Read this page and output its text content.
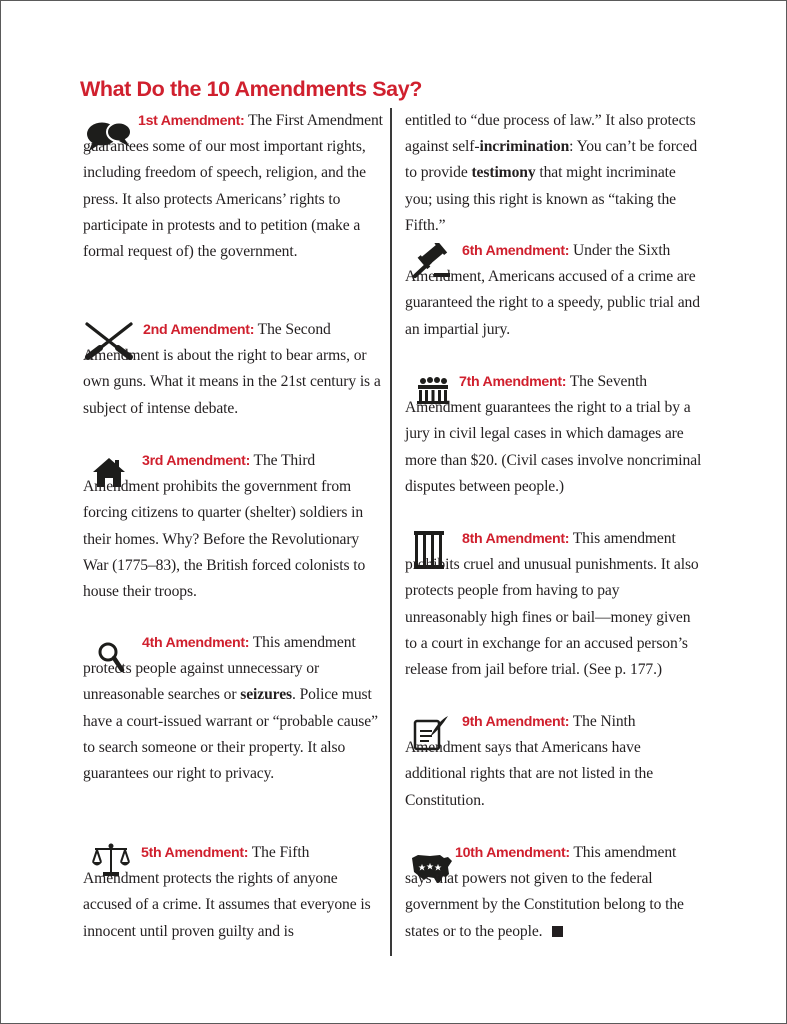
What Do the 10 Amendments Say?

1st Amendment: The First Amendment guarantees some of our most important rights, including freedom of speech, religion, and the press. It also protects Americans’ rights to participate in protests and to petition (make a formal request of) the government.

2nd Amendment: The Second Amendment is about the right to bear arms, or own guns. What it means in the 21st century is a subject of intense debate.

3rd Amendment: The Third Amendment prohibits the government from forcing citizens to quarter (shelter) soldiers in their homes. Why? Before the Revolutionary War (1775–83), the British forced colonists to house their troops.

4th Amendment: This amendment protects people against unnecessary or unreasonable searches or seizures. Police must have a court-issued warrant or “probable cause” to search someone or their property. It also guarantees our right to privacy.

5th Amendment: The Fifth Amendment protects the rights of anyone accused of a crime. It assumes that everyone is innocent until proven guilty and is

entitled to “due process of law.” It also protects against self-incrimination: You can’t be forced to provide testimony that might incriminate you; using this right is known as “taking the Fifth.”

6th Amendment: Under the Sixth Amendment, Americans accused of a crime are guaranteed the right to a speedy, public trial and an impartial jury.

7th Amendment: The Seventh Amendment guarantees the right to a trial by a jury in civil legal cases in which damages are more than $20. (Civil cases involve noncriminal disputes between people.)

8th Amendment: This amendment prohibits cruel and unusual punishments. It also protects people from having to pay unreasonably high fines or bail—money given to a court in exchange for an accused person’s release from jail before trial. (See p. 177.)

9th Amendment: The Ninth Amendment says that Americans have additional rights that are not listed in the Constitution.

10th Amendment: This amendment says that powers not given to the federal government by the Constitution belong to the states or to the people.
